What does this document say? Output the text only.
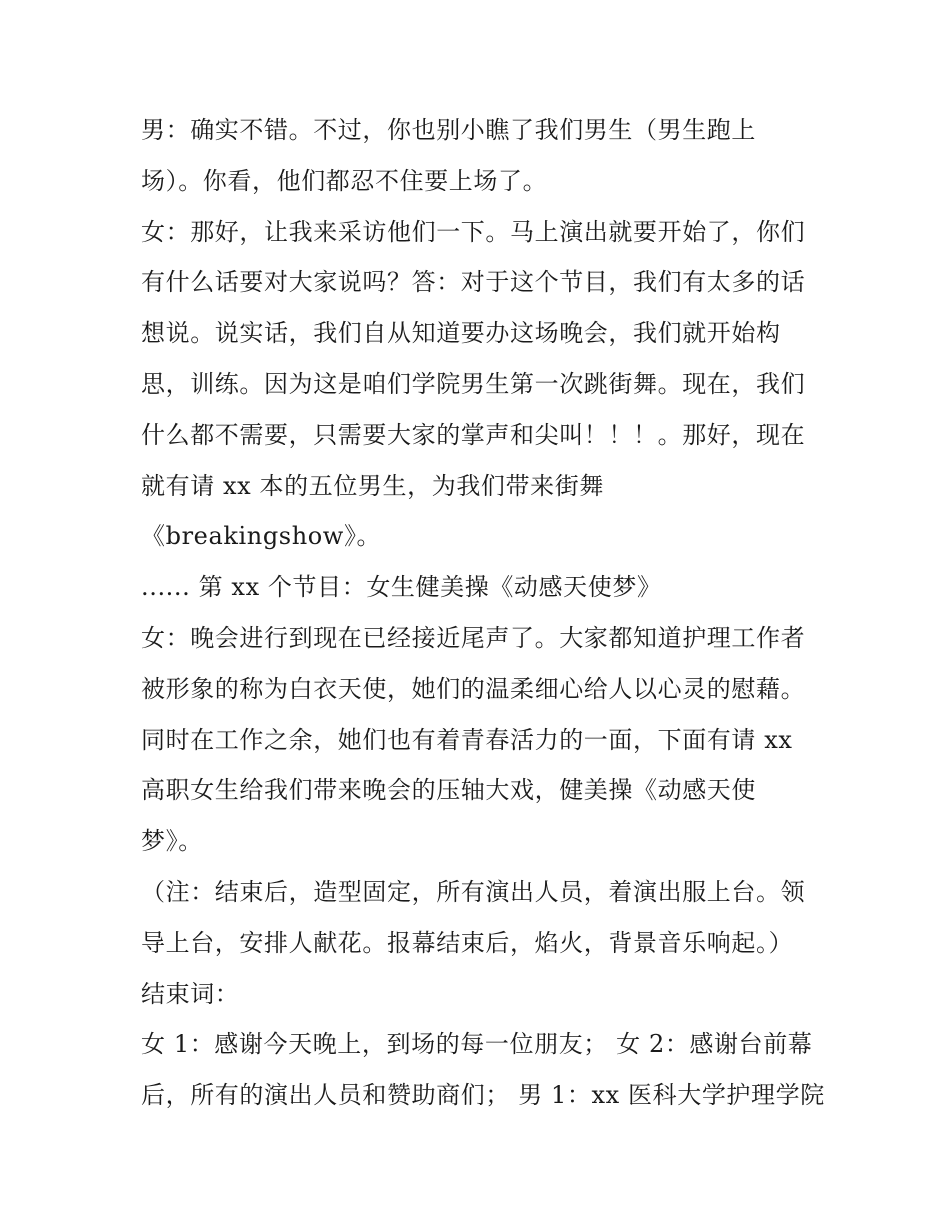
男：确实不错。不过，你也别小瞧了我们男生（男生跑上
场）。你看，他们都忍不住要上场了。
女：那好，让我来采访他们一下。马上演出就要开始了，你们
有什么话要对大家说吗？答：对于这个节目，我们有太多的话
想说。说实话，我们自从知道要办这场晚会，我们就开始构
思，训练。因为这是咱们学院男生第一次跳街舞。现在，我们
什么都不需要，只需要大家的掌声和尖叫！！！。那好，现在
就有请 xx 本的五位男生，为我们带来街舞
《breakingshow》。
...... 第 xx 个节目：女生健美操《动感天使梦》
女：晚会进行到现在已经接近尾声了。大家都知道护理工作者
被形象的称为白衣天使，她们的温柔细心给人以心灵的慰藉。
同时在工作之余，她们也有着青春活力的一面，下面有请 xx
高职女生给我们带来晚会的压轴大戏，健美操《动感天使
梦》。
（注：结束后，造型固定，所有演出人员，着演出服上台。领
导上台，安排人献花。报幕结束后，焰火，背景音乐响起。）
结束词：
女 1：感谢今天晚上，到场的每一位朋友； 女 2：感谢台前幕
后，所有的演出人员和赞助商们； 男 1：xx 医科大学护理学院
